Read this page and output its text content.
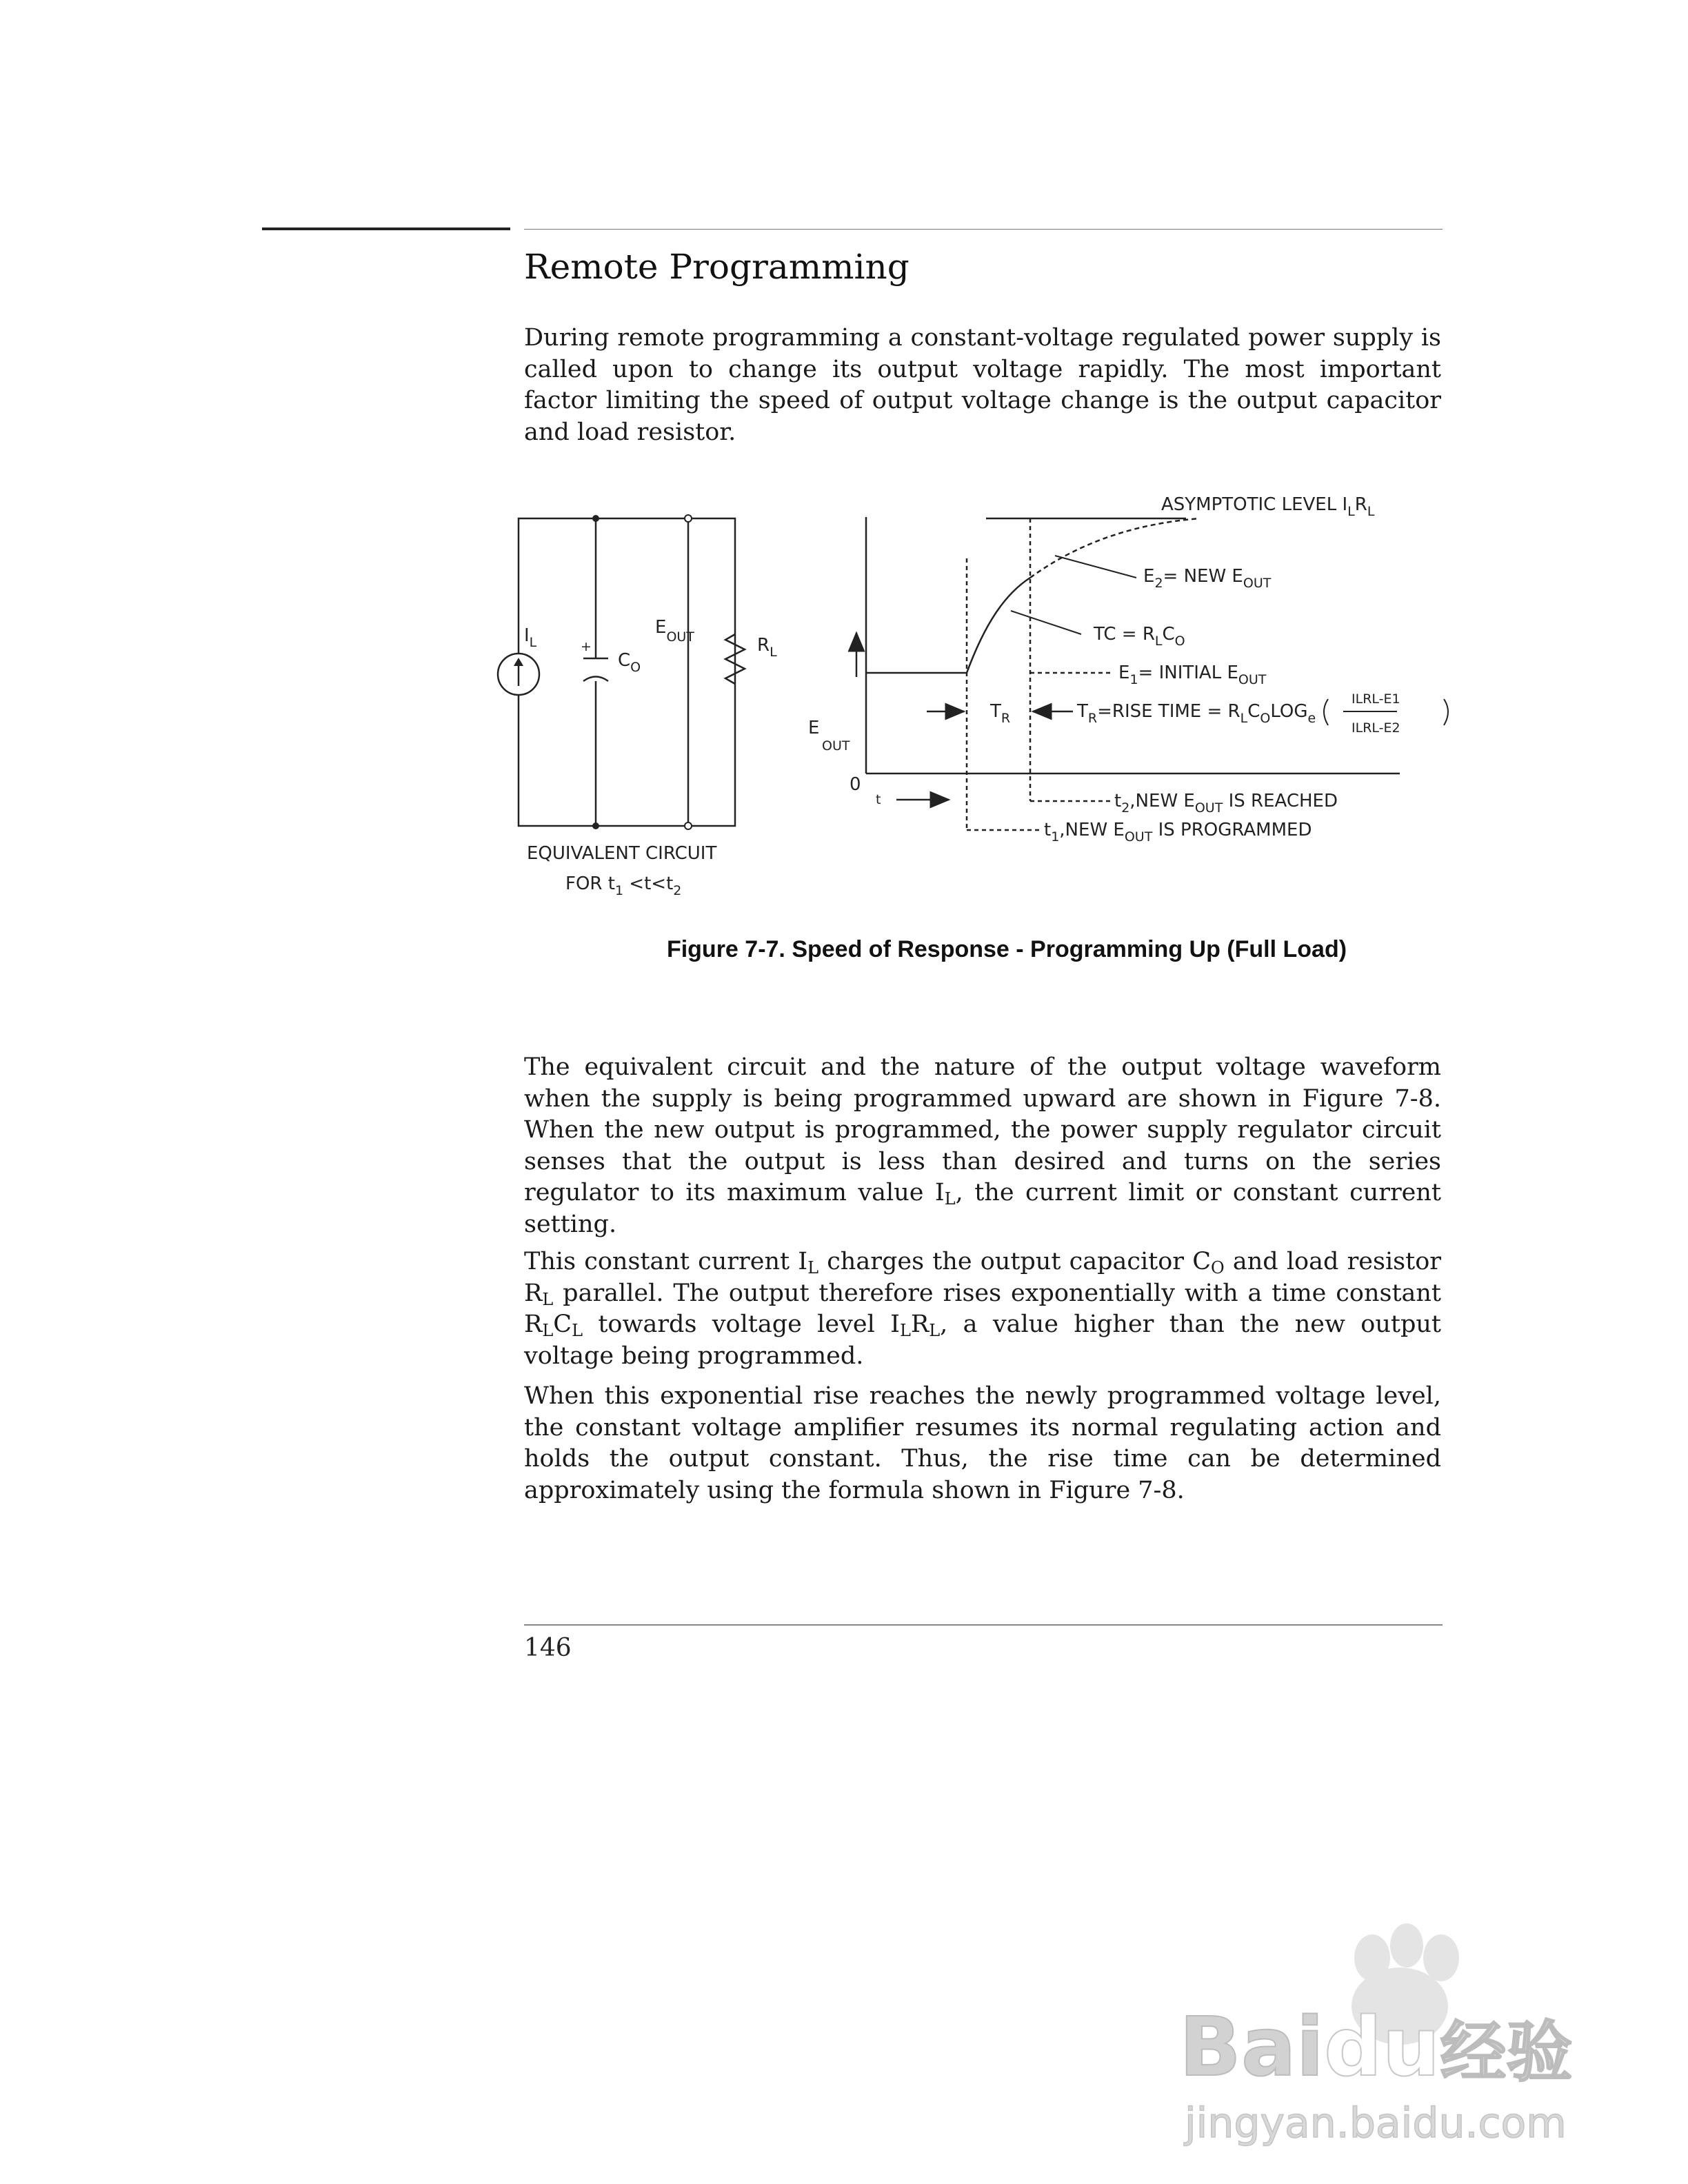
Remote Programming

During remote programming a constant-voltage regulated power supply is called upon to change its output voltage rapidly. The most important factor limiting the speed of output voltage change is the output capacitor and load resistor.

$I_L$	+
$C_O$
$E_{OUT}$	$R_L$
EQUIVALENT CIRCUIT
FOR $t_1 <t<t_2$
ASYMPTOTIC LEVEL $I_LR_L$
$E_2=$ NEW $E_{OUT}$
TC = $R_LC_O$
$E_1=$ INITIAL $E_{OUT}$
$T_R$	$T_R=RISE$ TIME = $R_LC_OLOG_e$
ILRL-E1
ILRL-E2
EOUT
0
t	$t_2,NEW$ $E_{OUT}$ IS REACHED
$t_1,NEW$ $E_{OUT}$ IS PROGRAMMED

Figure 7-7. Speed of Response - Programming Up (Full Load)

The equivalent circuit and the nature of the output voltage waveform when the supply is being programmed upward are shown in Figure 7-8. When the new output is programmed, the power supply regulator circuit senses that the output is less than desired and turns on the series regulator to its maximum value $I_L$, the current limit or constant current setting.

This constant current $I_L$ charges the output capacitor $C_O$ and load resistor $R_L$ parallel. The output therefore rises exponentially with a time constant $R_LC_L$ towards voltage level $I_LR_L$, a value higher than the new output voltage being programmed.

When this exponential rise reaches the newly programmed voltage level, the constant voltage amplifier resumes its normal regulating action and holds the output constant. Thus, the rise time can be determined approximately using the formula shown in Figure 7-8.

146

Baidu经验
jingyan.baidu.com
